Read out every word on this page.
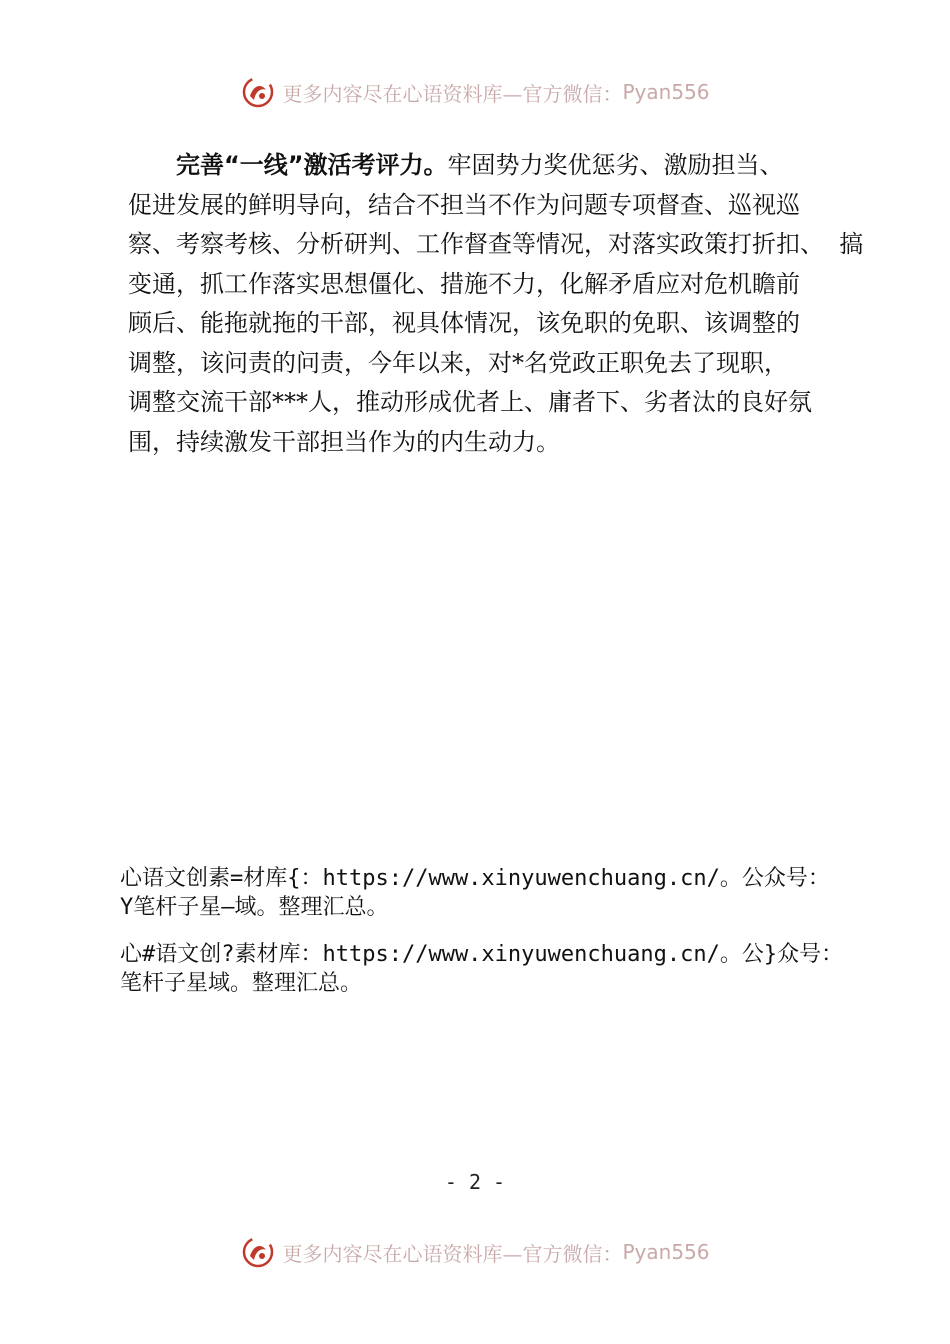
更多内容尽在心语资料库—官方微信： Pyan556
完善“一线”激活考评力。牢固势力奖优惩劣、激励担当、
促进发展的鲜明导向，结合不担当不作为问题专项督查、巡视巡
察、考察考核、分析研判、工作督查等情况，对落实政策打折扣、  搞
变通，抓工作落实思想僵化、措施不力，化解矛盾应对危机瞻前
顾后、能拖就拖的干部，视具体情况，该免职的免职、该调整的
调整，该问责的问责，今年以来，对*名党政正职免去了现职，
调整交流干部***人，推动形成优者上、庸者下、劣者汰的良好氛
围，持续激发干部担当作为的内生动力。
心语文创素=材库{：https://www.xinyuwenchuang.cn/。公众号：
Y笔杆子星—域。整理汇总。
心#语文创?素材库：https://www.xinyuwenchuang.cn/。公}众号：
笔杆子星域。整理汇总。
- 2 -
更多内容尽在心语资料库—官方微信： Pyan556
